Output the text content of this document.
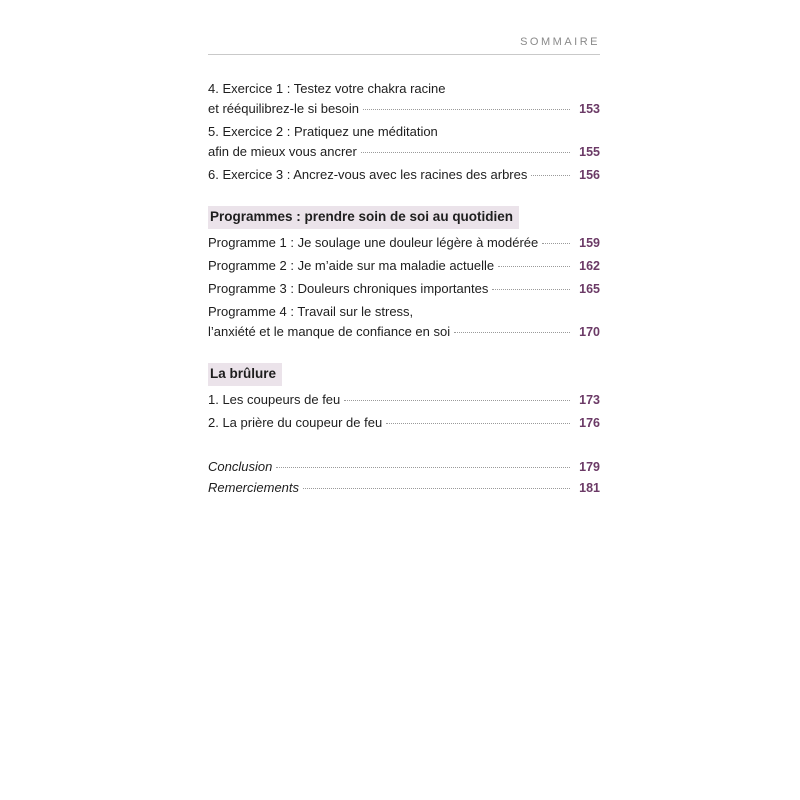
SOMMAIRE
4. Exercice 1 : Testez votre chakra racine
et rééquilibrez-le si besoin	153
5. Exercice 2 : Pratiquez une méditation
afin de mieux vous ancrer	155
6. Exercice 3 : Ancrez-vous avec les racines des arbres	156
Programmes : prendre soin de soi au quotidien
Programme 1 : Je soulage une douleur légère à modérée	159
Programme 2 : Je m’aide sur ma maladie actuelle	162
Programme 3 : Douleurs chroniques importantes	165
Programme 4 : Travail sur le stress,
l’anxiété et le manque de confiance en soi	170
La brûlure
1. Les coupeurs de feu	173
2. La prière du coupeur de feu	176
Conclusion	179
Remerciements	181
